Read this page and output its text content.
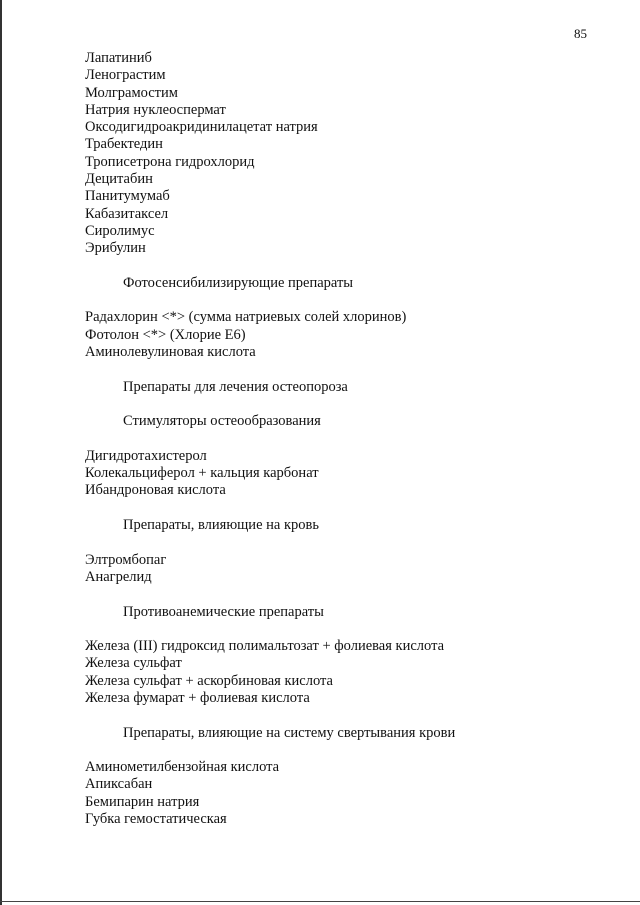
85
Лапатиниб
Ленограстим
Молграмостим
Натрия нуклеоспермат
Оксодигидроакридинилацетат натрия
Трабектедин
Трописетрона гидрохлорид
Децитабин
Панитумумаб
Кабазитаксел
Сиролимус
Эрибулин
Фотосенсибилизирующие препараты
Радахлорин <*> (сумма натриевых солей хлоринов)
Фотолон <*> (Хлорие Е6)
Аминолевулиновая кислота
Препараты для лечения остеопороза
Стимуляторы остеообразования
Дигидротахистерол
Колекальциферол + кальция карбонат
Ибандроновая кислота
Препараты, влияющие на кровь
Элтромбопаг
Анагрелид
Противоанемические препараты
Железа (III) гидроксид полимальтозат + фолиевая кислота
Железа сульфат
Железа сульфат + аскорбиновая кислота
Железа фумарат + фолиевая кислота
Препараты, влияющие на систему свертывания крови
Аминометилбензойная кислота
Апиксабан
Бемипарин натрия
Губка гемостатическая
